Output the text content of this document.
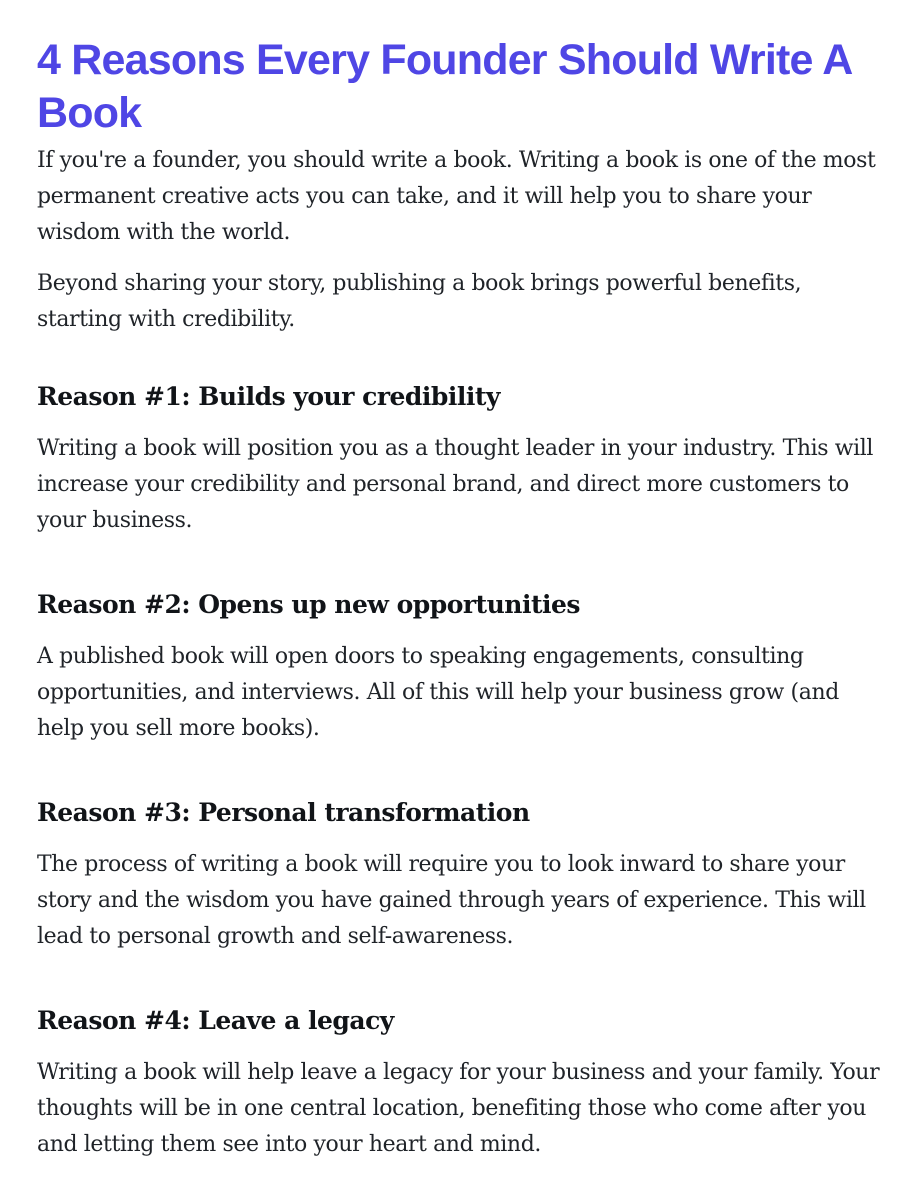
4 Reasons Every Founder Should Write A Book

If you're a founder, you should write a book. Writing a book is one of the most permanent creative acts you can take, and it will help you to share your wisdom with the world.

Beyond sharing your story, publishing a book brings powerful benefits, starting with credibility.

Reason #1: Builds your credibility

Writing a book will position you as a thought leader in your industry. This will increase your credibility and personal brand, and direct more customers to your business.

Reason #2: Opens up new opportunities

A published book will open doors to speaking engagements, consulting opportunities, and interviews. All of this will help your business grow (and help you sell more books).

Reason #3: Personal transformation

The process of writing a book will require you to look inward to share your story and the wisdom you have gained through years of experience. This will lead to personal growth and self-awareness.

Reason #4: Leave a legacy

Writing a book will help leave a legacy for your business and your family. Your thoughts will be in one central location, benefiting those who come after you and letting them see into your heart and mind.
